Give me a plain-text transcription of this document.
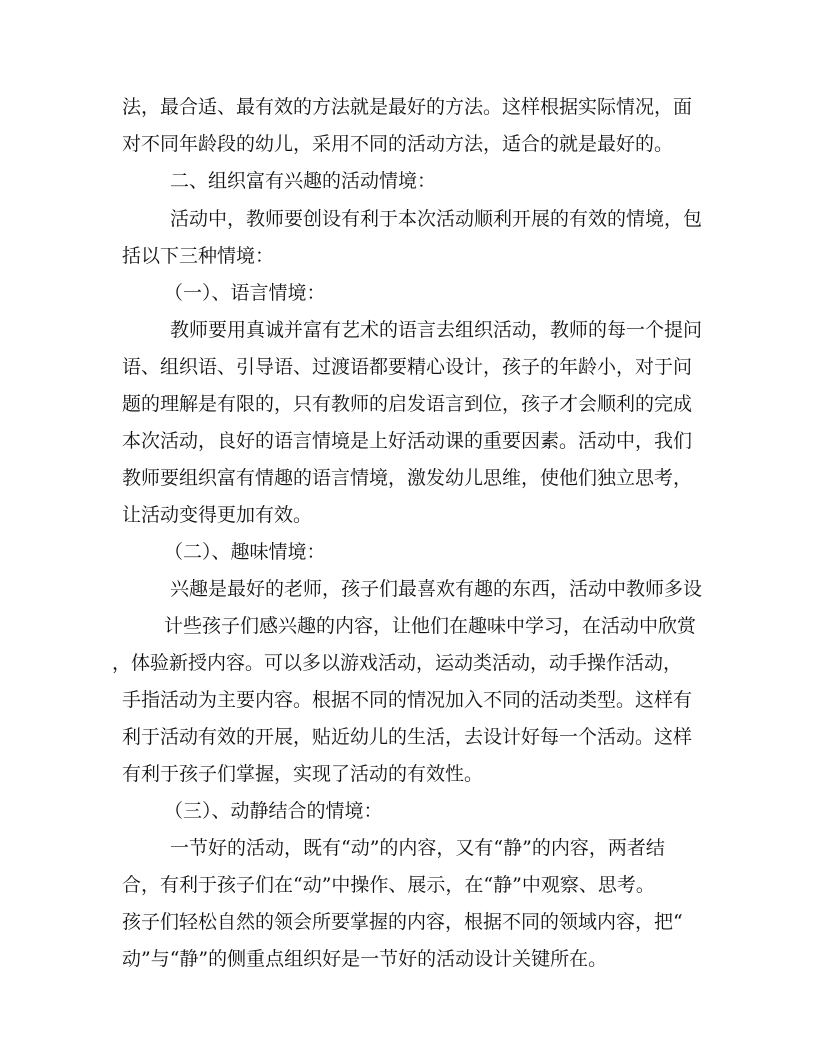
法，最合适、最有效的方法就是最好的方法。这样根据实际情况，面
对不同年龄段的幼儿，采用不同的活动方法，适合的就是最好的。
二、组织富有兴趣的活动情境：
活动中，教师要创设有利于本次活动顺利开展的有效的情境，包
括以下三种情境：
（一）、语言情境：
教师要用真诚并富有艺术的语言去组织活动，教师的每一个提问
语、组织语、引导语、过渡语都要精心设计，孩子的年龄小，对于问
题的理解是有限的，只有教师的启发语言到位，孩子才会顺利的完成
本次活动，良好的语言情境是上好活动课的重要因素。活动中，我们
教师要组织富有情趣的语言情境，激发幼儿思维，使他们独立思考，
让活动变得更加有效。
（二）、趣味情境：
兴趣是最好的老师，孩子们最喜欢有趣的东西，活动中教师多设
计些孩子们感兴趣的内容，让他们在趣味中学习，在活动中欣赏
，体验新授内容。可以多以游戏活动，运动类活动，动手操作活动，
手指活动为主要内容。根据不同的情况加入不同的活动类型。这样有
利于活动有效的开展，贴近幼儿的生活，去设计好每一个活动。这样
有利于孩子们掌握，实现了活动的有效性。
（三）、动静结合的情境：
一节好的活动，既有“动”的内容，又有“静”的内容，两者结
合，有利于孩子们在“动”中操作、展示，在“静”中观察、思考。
孩子们轻松自然的领会所要掌握的内容，根据不同的领域内容，把“
动”与“静”的侧重点组织好是一节好的活动设计关键所在。
